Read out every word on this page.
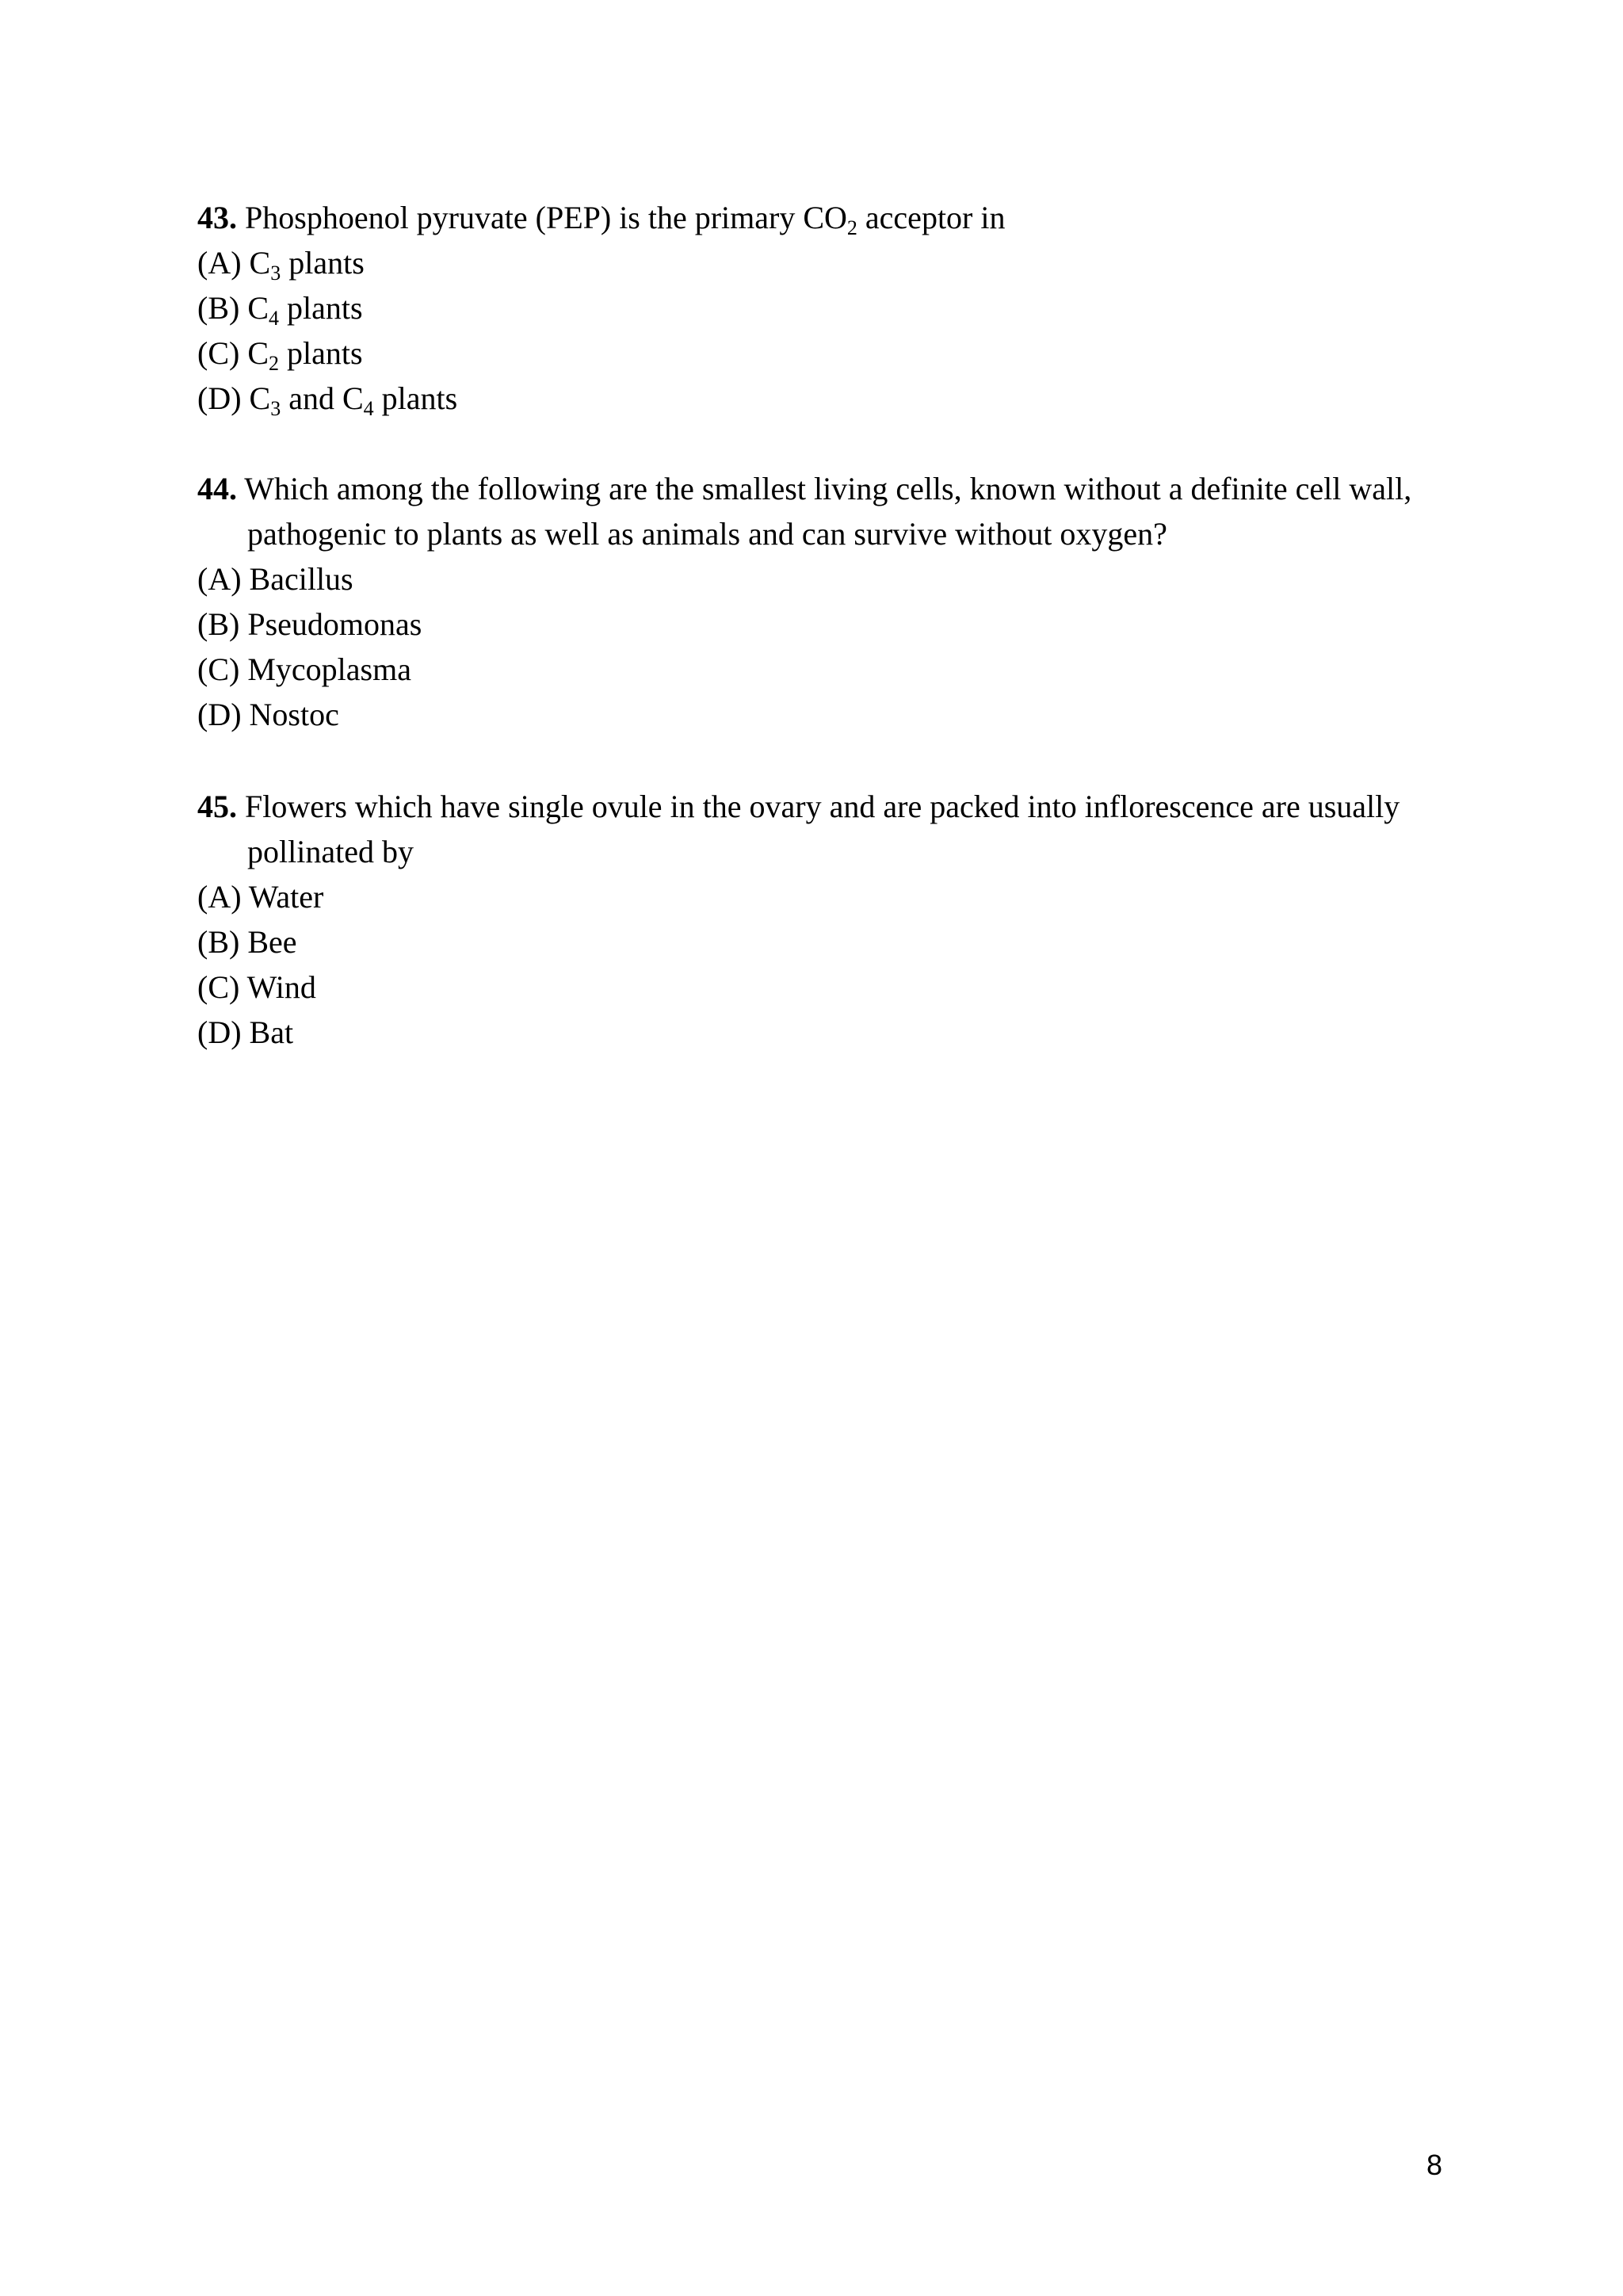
43. Phosphoenol pyruvate (PEP) is the primary $CO_2$ acceptor in
(A) $C_3$ plants
(B) $C_4$ plants
(C) $C_2$ plants
(D) $C_3$ and $C_4$ plants
44. Which among the following are the smallest living cells, known without a definite cell wall, pathogenic to plants as well as animals and can survive without oxygen?
(A) Bacillus
(B) Pseudomonas
(C) Mycoplasma
(D) Nostoc
45. Flowers which have single ovule in the ovary and are packed into inflorescence are usually pollinated by
(A) Water
(B) Bee
(C) Wind
(D) Bat
8
